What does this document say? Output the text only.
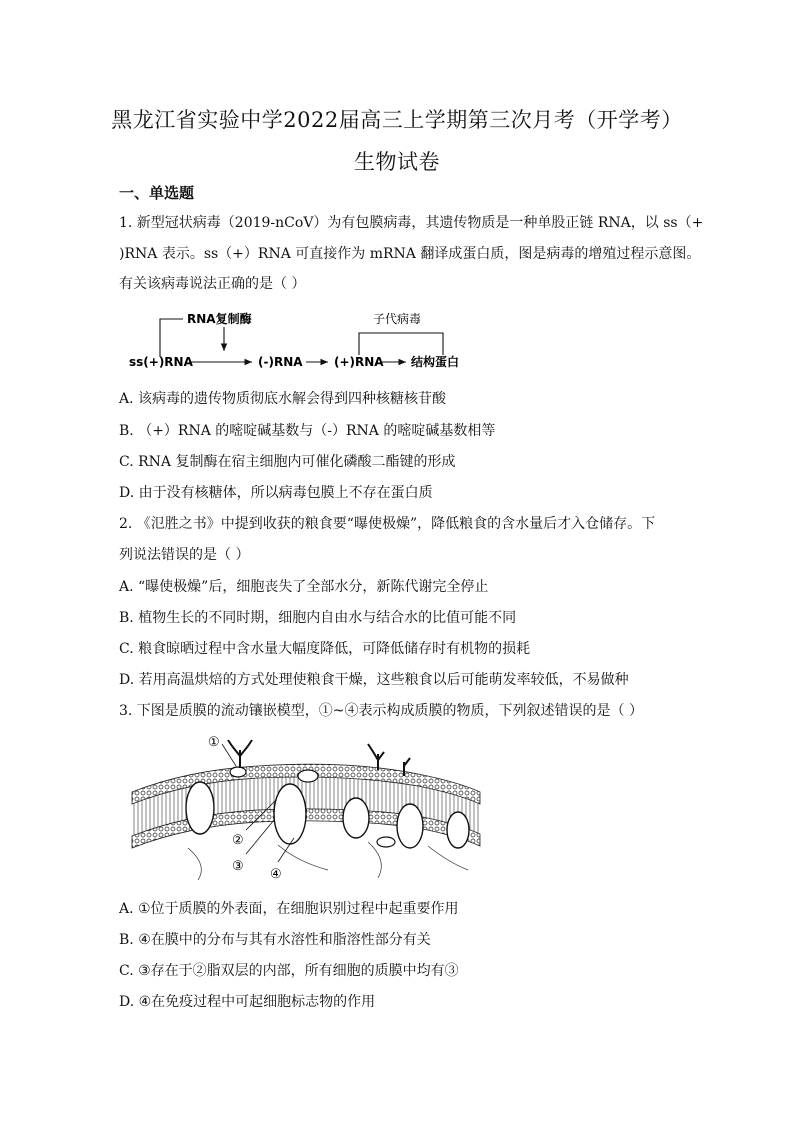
黑龙江省实验中学2022届高三上学期第三次月考（开学考）
生物试卷
一、单选题
1. 新型冠状病毒（2019-nCoV）为有包膜病毒，其遗传物质是一种单股正链 RNA，以 ss（+
)RNA 表示。ss（+）RNA 可直接作为 mRNA 翻译成蛋白质，图是病毒的增殖过程示意图。
有关该病毒说法正确的是（ ）
RNA复制酶
ss(+)RNA	(-)RNA	(+)RNA 结构蛋白
子代病毒
A. 该病毒的遗传物质彻底水解会得到四种核糖核苷酸
B. （+）RNA 的嘧啶碱基数与（-）RNA 的嘧啶碱基数相等
C. RNA 复制酶在宿主细胞内可催化磷酸二酯键的形成
D. 由于没有核糖体，所以病毒包膜上不存在蛋白质
2. 《氾胜之书》中提到收获的粮食要“曝使极燥”，降低粮食的含水量后才入仓储存。下
列说法错误的是（ ）
A. “曝使极燥”后，细胞丧失了全部水分，新陈代谢完全停止
B. 植物生长的不同时期，细胞内自由水与结合水的比值可能不同
C. 粮食晾晒过程中含水量大幅度降低，可降低储存时有机物的损耗
D. 若用高温烘焙的方式处理使粮食干燥，这些粮食以后可能萌发率较低，不易做种
3. 下图是质膜的流动镶嵌模型，①~④表示构成质膜的物质，下列叙述错误的是（ ）
①
②
③
④
A. ①位于质膜的外表面，在细胞识别过程中起重要作用
B. ④在膜中的分布与其有水溶性和脂溶性部分有关
C. ③存在于②脂双层的内部，所有细胞的质膜中均有③
D. ④在免疫过程中可起细胞标志物的作用
